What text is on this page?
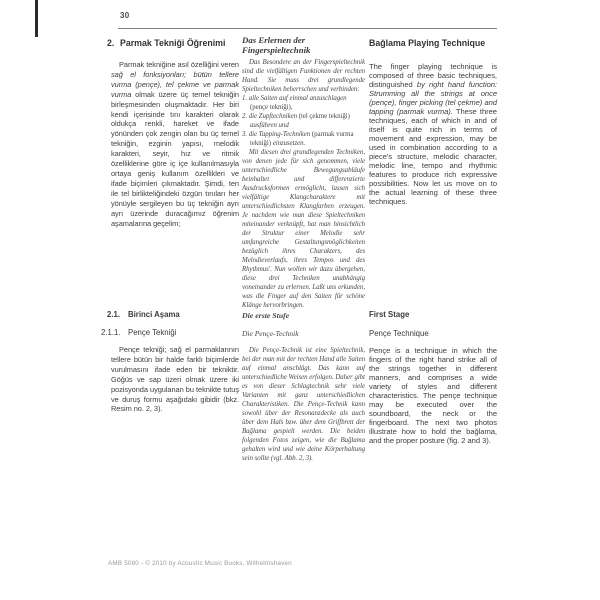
30
2. Parmak Tekniği Öğrenimi

Parmak tekniğine asıl özelliğini veren sağ el fonksiyonları; bütün tellere vurma (pençe), tel çekme ve parmak vurma olmak üzere üç temel tekniğin birleşmesinden oluşmaktadır. Her biri kendi içerisinde tını karakteri olarak oldukça renkli, hareket ve ifade yönünden çok zengin olan bu üç temel tekniğin, ezginin yapısı, melodik karakteri, seyir, hız ve ritmik özelliklerine göre iç içe kullanılmasıyla ortaya geniş kullanım özellikleri ve ifade biçimleri çıkmaktadır. Şimdi, ten ile tel birlikteliğindeki özgün tınıları her yönüyle sergileyen bu üç tekniğin ayrı ayrı üzerinde duracağımız öğrenim aşamalarına geçelim;

Das Erlernen der Fingerspieltechnik

Das Besondere an der Fingerspieltechnik sind die vielfältigen Funktionen der rechten Hand. Sie muss drei grundlegende Spieltechniken beherrschen und verbinden:

1. alle Saiten auf einmal anzuschlagen (pençe tekniği),

2. die Zupftechniken (tel çekme tekniği) ausführen und

3. die Tapping-Techniken (parmak vurma tekniği) einzusetzen.

Mit diesen drei grundlegenden Techniken, von denen jede für sich genommen, viele unterschiedliche Bewegungsabläufe beinhaltet und differenzierte Ausdrucksformen ermöglicht, lassen sich vielfältige Klangcharaktere mit unterschiedlichsten Klangfarben erzeugen. Je nachdem wie man diese Spieltechniken miteinander verknüpft, hat man hinsichtlich der Struktur einer Melodie sehr umfangreiche Gestaltungsmöglichkeiten bezüglich ihres Charakters, des Melodieverlaufs, ihres Tempos und des Rhythmus'. Nun wollen wir dazu übergehen, diese drei Techniken unabhängig voneinander zu erlernen. Laßt uns erkunden, was die Finger auf den Saiten für schöne Klänge hervorbringen.

Bağlama Playing Technique

The finger playing technique is composed of three basic techniques, distinguished by right hand function: Strumming all the strings at once (pençe), finger picking (tel çekme) and tapping (parmak vurma). These three techniques, each of which in and of itself is quite rich in terms of movement and expression, may be used in combination according to a piece's structure, melodic character, melodic line, tempo and rhythmic features to produce rich expressive possibilities. Now let us move on to the actual learning of these three techniques.

2.1.	Birinci Aşama
2.1.1. Pençe Tekniği

Pençe tekniği; sağ el parmaklarının tellere bütün bir halde farklı biçimlerde vurulmasını ifade eden bir tekniktir. Göğüs ve sap üzeri olmak üzere iki pozisyonda uygulanan bu teknikte tutuş ve duruş formu aşağıdaki gibidir (bkz. Resim no. 2, 3).

Die erste Stufe
Die Pençe-Technik

Die Pençe-Technik ist eine Spieltechnik, bei der man mit der rechten Hand alle Saiten auf einmal anschlägt. Das kann auf unterschiedliche Weisen erfolgen. Daher gibt es von dieser Schlagtechnik sehr viele Varianten mit ganz unterschiedlichen Charakteristiken. Die Pençe-Technik kann sowohl über der Resonanzdecke als auch über dem Hals bzw. über dem Griffbrett der Bağlama gespielt werden. Die beiden folgenden Fotos zeigen, wie die Bağlama gehalten wird und wie deine Körperhaltung sein sollte (vgl. Abb. 2, 3).

First Stage
Pençe Technique

Pençe is a technique in which the fingers of the right hand strike all of the strings together in different manners, and comprises a wide variety of styles and different characteristics. The pençe technique may be executed over the soundboard, the neck or the fingerboard. The next two photos illustrate how to hold the bağlama, and the proper posture (fig. 2 and 3).

AMB 5080 - © 2010 by Acoustic Music Books, Wilhelmshaven
